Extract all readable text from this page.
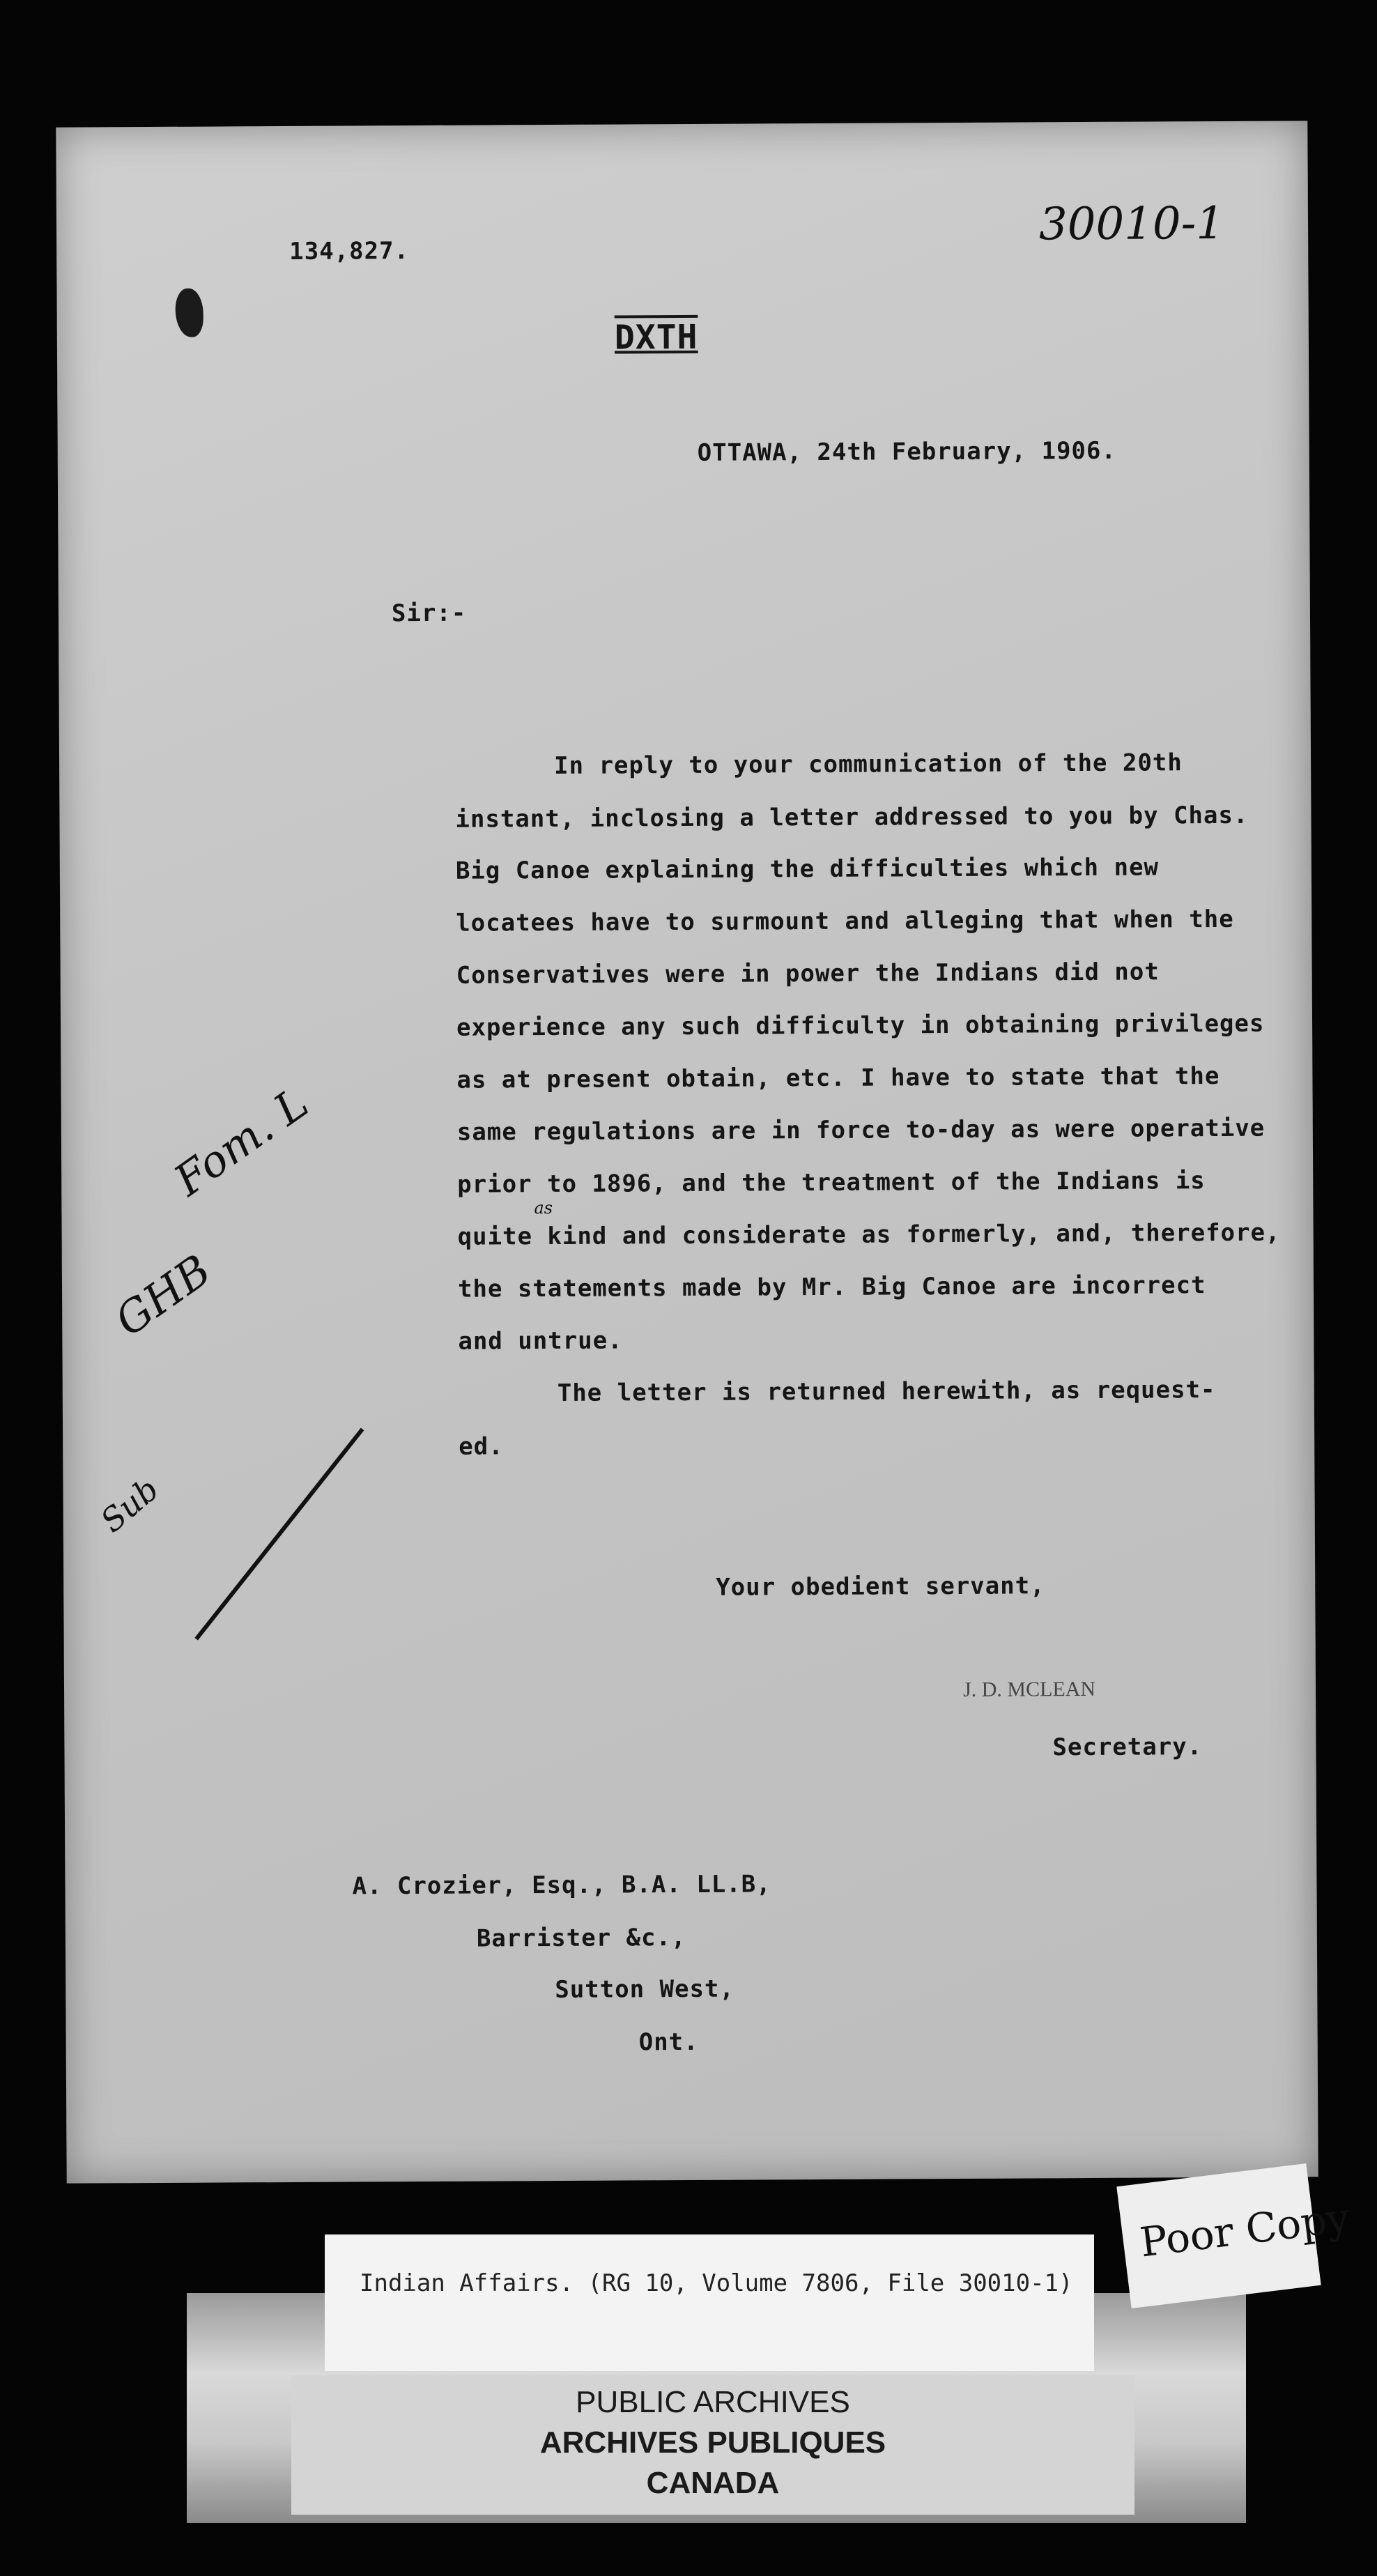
134,827.
30010-1
DXTH
OTTAWA, 24th February, 1906.
Sir:-
In reply to your communication of the 20th
instant, inclosing a letter addressed to you by Chas.
Big Canoe explaining the difficulties which new
locatees have to surmount and alleging that when the
Conservatives were in power the Indians did not
experience any such difficulty in obtaining privileges
as at present obtain, etc. I have to state that the
same regulations are in force to-day as were operative
prior to 1896, and the treatment of the Indians is
quite kind and considerate as formerly, and, therefore,
the statements made by Mr. Big Canoe are incorrect
and untrue.
The letter is returned herewith, as request-
ed.
as
Your obedient servant,
J. D. MCLEAN
Secretary.
A. Crozier, Esq., B.A. LL.B,
Barrister &c.,
Sutton West,
Ont.
Fom. L
GHB
Sub
Indian Affairs. (RG 10, Volume 7806, File 30010-1)
Poor Copy
PUBLIC ARCHIVES
ARCHIVES PUBLIQUES
CANADA
